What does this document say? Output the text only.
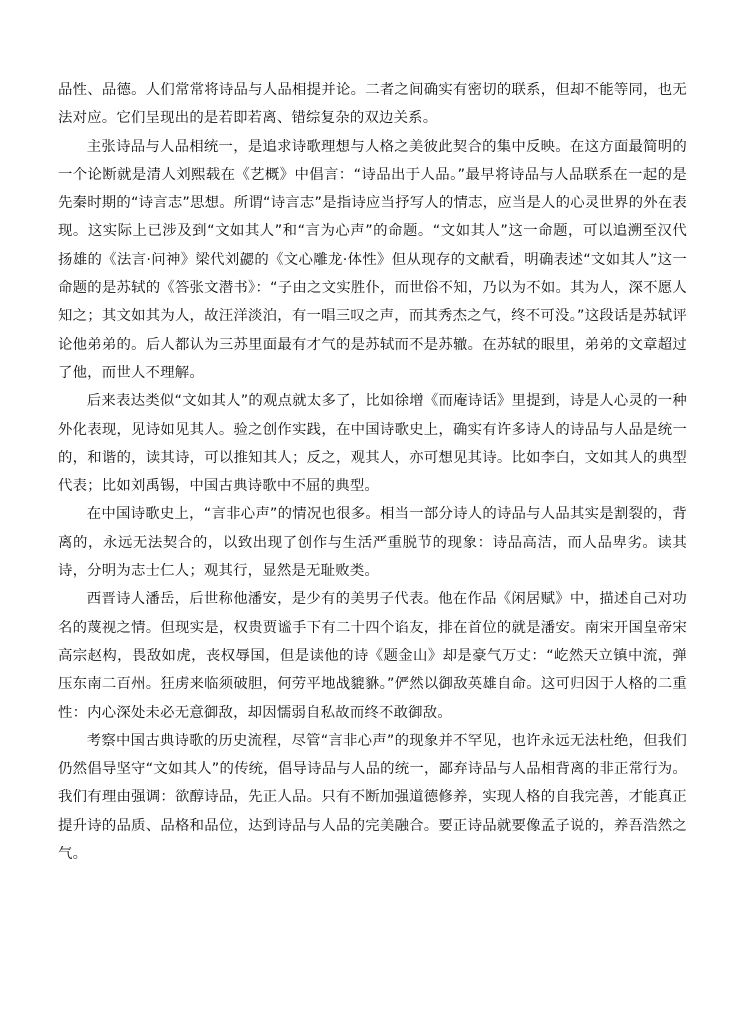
品性、品德。人们常常将诗品与人品相提并论。二者之间确实有密切的联系，但却不能等同，也无法对应。它们呈现出的是若即若离、错综复杂的双边关系。

主张诗品与人品相统一，是追求诗歌理想与人格之美彼此契合的集中反映。在这方面最简明的一个论断就是清人刘熙载在《艺概》中倡言：“诗品出于人品。”最早将诗品与人品联系在一起的是先秦时期的“诗言志”思想。所谓“诗言志”是指诗应当抒写人的情志，应当是人的心灵世界的外在表现。这实际上已涉及到“文如其人”和“言为心声”的命题。“文如其人”这一命题，可以追溯至汉代扬雄的《法言·问神》梁代刘勰的《文心雕龙·体性》但从现存的文献看，明确表述“文如其人”这一命题的是苏轼的《答张文潜书》：“子由之文实胜仆，而世俗不知，乃以为不如。其为人，深不愿人知之；其文如其为人，故汪洋淡泊，有一唱三叹之声，而其秀杰之气，终不可没。”这段话是苏轼评论他弟弟的。后人都认为三苏里面最有才气的是苏轼而不是苏辙。在苏轼的眼里，弟弟的文章超过了他，而世人不理解。

后来表达类似“文如其人”的观点就太多了，比如徐增《而庵诗话》里提到，诗是人心灵的一种外化表现，见诗如见其人。验之创作实践，在中国诗歌史上，确实有许多诗人的诗品与人品是统一的，和谐的，读其诗，可以推知其人；反之，观其人，亦可想见其诗。比如李白，文如其人的典型代表；比如刘禹锡，中国古典诗歌中不屈的典型。

在中国诗歌史上，“言非心声”的情况也很多。相当一部分诗人的诗品与人品其实是割裂的，背离的，永远无法契合的，以致出现了创作与生活严重脱节的现象：诗品高洁，而人品卑劣。读其诗，分明为志士仁人；观其行，显然是无耻败类。

西晋诗人潘岳，后世称他潘安，是少有的美男子代表。他在作品《闲居赋》中，描述自己对功名的蔑视之情。但现实是，权贵贾谧手下有二十四个谄友，排在首位的就是潘安。南宋开国皇帝宋高宗赵构，畏敌如虎，丧权辱国，但是读他的诗《题金山》却是豪气万丈：“屹然天立镇中流，弹压东南二百州。狂虏来临须破胆，何劳平地战貔貅。”俨然以御敌英雄自命。这可归因于人格的二重性：内心深处未必无意御敌，却因懦弱自私故而终不敢御敌。

考察中国古典诗歌的历史流程，尽管“言非心声”的现象并不罕见，也许永远无法杜绝，但我们仍然倡导坚守“文如其人”的传统，倡导诗品与人品的统一，鄙弃诗品与人品相背离的非正常行为。我们有理由强调：欲醇诗品，先正人品。只有不断加强道德修养，实现人格的自我完善，才能真正提升诗的品质、品格和品位，达到诗品与人品的完美融合。要正诗品就要像孟子说的，养吾浩然之气。
